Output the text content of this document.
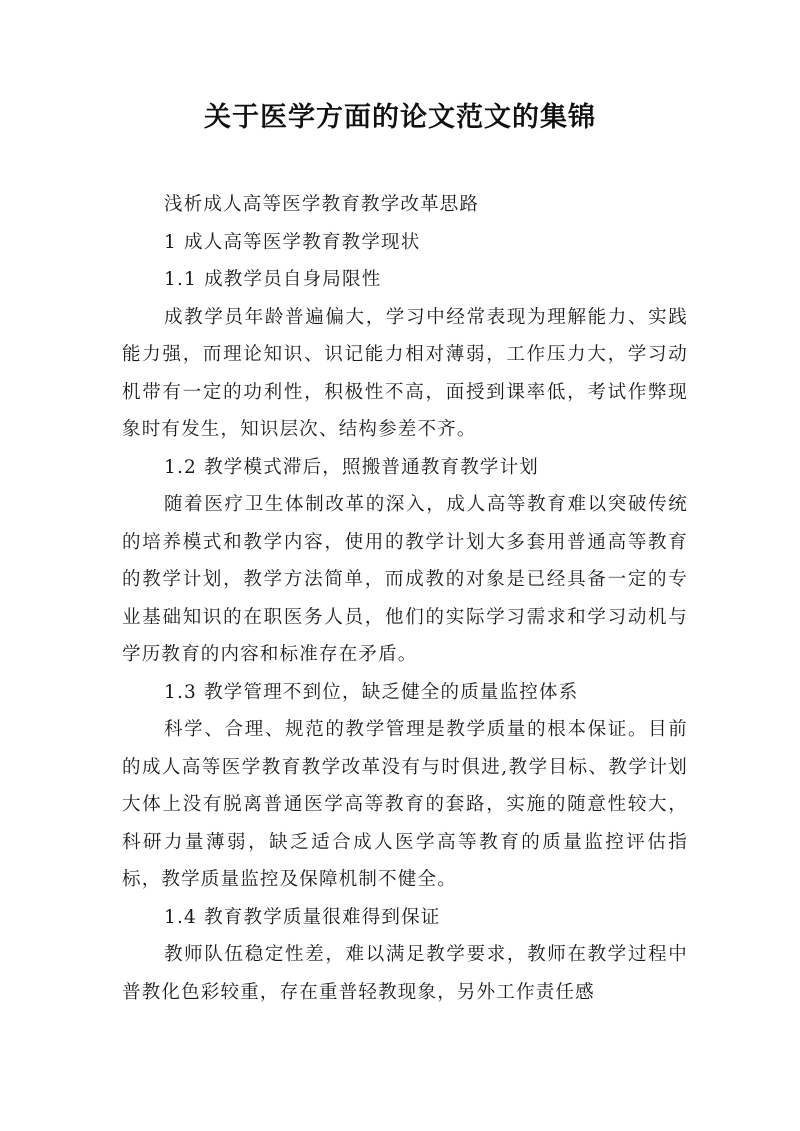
关于医学方面的论文范文的集锦
浅析成人高等医学教育教学改革思路
1 成人高等医学教育教学现状
1.1 成教学员自身局限性
成教学员年龄普遍偏大，学习中经常表现为理解能力、实践能力强，而理论知识、识记能力相对薄弱，工作压力大，学习动机带有一定的功利性，积极性不高，面授到课率低，考试作弊现象时有发生，知识层次、结构参差不齐。
1.2 教学模式滞后，照搬普通教育教学计划
随着医疗卫生体制改革的深入，成人高等教育难以突破传统的培养模式和教学内容，使用的教学计划大多套用普通高等教育的教学计划，教学方法简单，而成教的对象是已经具备一定的专业基础知识的在职医务人员，他们的实际学习需求和学习动机与学历教育的内容和标准存在矛盾。
1.3 教学管理不到位，缺乏健全的质量监控体系
科学、合理、规范的教学管理是教学质量的根本保证。目前的成人高等医学教育教学改革没有与时俱进,教学目标、教学计划大体上没有脱离普通医学高等教育的套路，实施的随意性较大，科研力量薄弱，缺乏适合成人医学高等教育的质量监控评估指标，教学质量监控及保障机制不健全。
1.4 教育教学质量很难得到保证
教师队伍稳定性差，难以满足教学要求，教师在教学过程中普教化色彩较重，存在重普轻教现象，另外工作责任感
